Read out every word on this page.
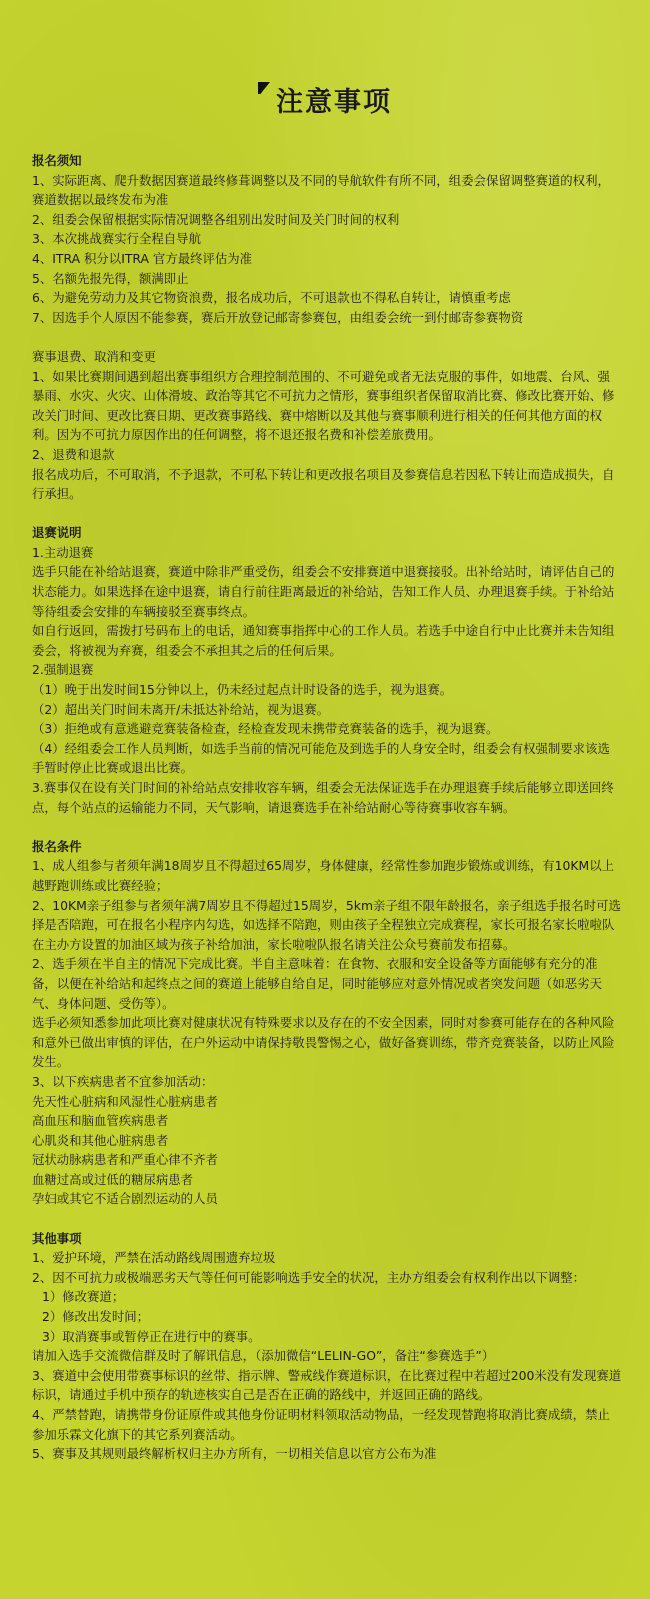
注意事项

报名须知

1、实际距离、爬升数据因赛道最终修葺调整以及不同的导航软件有所不同，组委会保留调整赛道的权利，赛道数据以最终发布为准

2、组委会保留根据实际情况调整各组别出发时间及关门时间的权利

3、本次挑战赛实行全程自导航

4、ITRA 积分以ITRA 官方最终评估为准

5、名额先报先得，额满即止

6、为避免劳动力及其它物资浪费，报名成功后，不可退款也不得私自转让，请慎重考虑

7、因选手个人原因不能参赛，赛后开放登记邮寄参赛包，由组委会统一到付邮寄参赛物资

赛事退费、取消和变更

1、如果比赛期间遇到超出赛事组织方合理控制范围的、不可避免或者无法克服的事件，如地震、台风、强暴雨、水灾、火灾、山体滑坡、政治等其它不可抗力之情形，赛事组织者保留取消比赛、修改比赛开始、修改关门时间、更改比赛日期、更改赛事路线、赛中熔断以及其他与赛事顺利进行相关的任何其他方面的权利。因为不可抗力原因作出的任何调整，将不退还报名费和补偿差旅费用。

2、退费和退款

报名成功后，不可取消，不予退款，不可私下转让和更改报名项目及参赛信息若因私下转让而造成损失，自行承担。

退赛说明

1.主动退赛

选手只能在补给站退赛，赛道中除非严重受伤，组委会不安排赛道中退赛接驳。出补给站时，请评估自己的状态能力。如果选择在途中退赛，请自行前往距离最近的补给站，告知工作人员、办理退赛手续。于补给站等待组委会安排的车辆接驳至赛事终点。

如自行返回，需拨打号码布上的电话，通知赛事指挥中心的工作人员。若选手中途自行中止比赛并未告知组委会，将被视为弃赛，组委会不承担其之后的任何后果。

2.强制退赛

（1）晚于出发时间15分钟以上，仍未经过起点计时设备的选手，视为退赛。

（2）超出关门时间未离开/未抵达补给站，视为退赛。

（3）拒绝或有意逃避竞赛装备检查，经检查发现未携带竞赛装备的选手，视为退赛。

（4）经组委会工作人员判断，如选手当前的情况可能危及到选手的人身安全时，组委会有权强制要求该选手暂时停止比赛或退出比赛。

3.赛事仅在设有关门时间的补给站点安排收容车辆，组委会无法保证选手在办理退赛手续后能够立即送回终点，每个站点的运输能力不同，天气影响，请退赛选手在补给站耐心等待赛事收容车辆。

报名条件

1、成人组参与者须年满18周岁且不得超过65周岁，身体健康，经常性参加跑步锻炼或训练，有10KM以上越野跑训练或比赛经验；

2、10KM亲子组参与者须年满7周岁且不得超过15周岁，5km亲子组不限年龄报名，亲子组选手报名时可选择是否陪跑，可在报名小程序内勾选，如选择不陪跑，则由孩子全程独立完成赛程，家长可报名家长啦啦队在主办方设置的加油区域为孩子补给加油，家长啦啦队报名请关注公众号赛前发布招募。

2、选手须在半自主的情况下完成比赛。半自主意味着：在食物、衣服和安全设备等方面能够有充分的准备，以便在补给站和起终点之间的赛道上能够自给自足，同时能够应对意外情况或者突发问题（如恶劣天气、身体问题、受伤等）。

选手必须知悉参加此项比赛对健康状况有特殊要求以及存在的不安全因素，同时对参赛可能存在的各种风险和意外已做出审慎的评估，在户外运动中请保持敬畏警惕之心，做好备赛训练，带齐竞赛装备，以防止风险发生。

3、以下疾病患者不宜参加活动：

先天性心脏病和风湿性心脏病患者

高血压和脑血管疾病患者

心肌炎和其他心脏病患者

冠状动脉病患者和严重心律不齐者

血糖过高或过低的糖尿病患者

孕妇或其它不适合剧烈运动的人员

其他事项

1、爱护环境，严禁在活动路线周围遗弃垃圾

2、因不可抗力或极端恶劣天气等任何可能影响选手安全的状况，主办方组委会有权利作出以下调整：

1）修改赛道；

2）修改出发时间；

3）取消赛事或暂停正在进行中的赛事。

请加入选手交流微信群及时了解讯信息，（添加微信“LELIN-GO”，备注“参赛选手”）

3、赛道中会使用带赛事标识的丝带、指示牌、警戒线作赛道标识，在比赛过程中若超过200米没有发现赛道标识，请通过手机中预存的轨迹核实自己是否在正确的路线中，并返回正确的路线。

4、严禁替跑，请携带身份证原件或其他身份证明材料领取活动物品，一经发现替跑将取消比赛成绩，禁止参加乐霖文化旗下的其它系列赛活动。

5、赛事及其规则最终解析权归主办方所有，一切相关信息以官方公布为准
